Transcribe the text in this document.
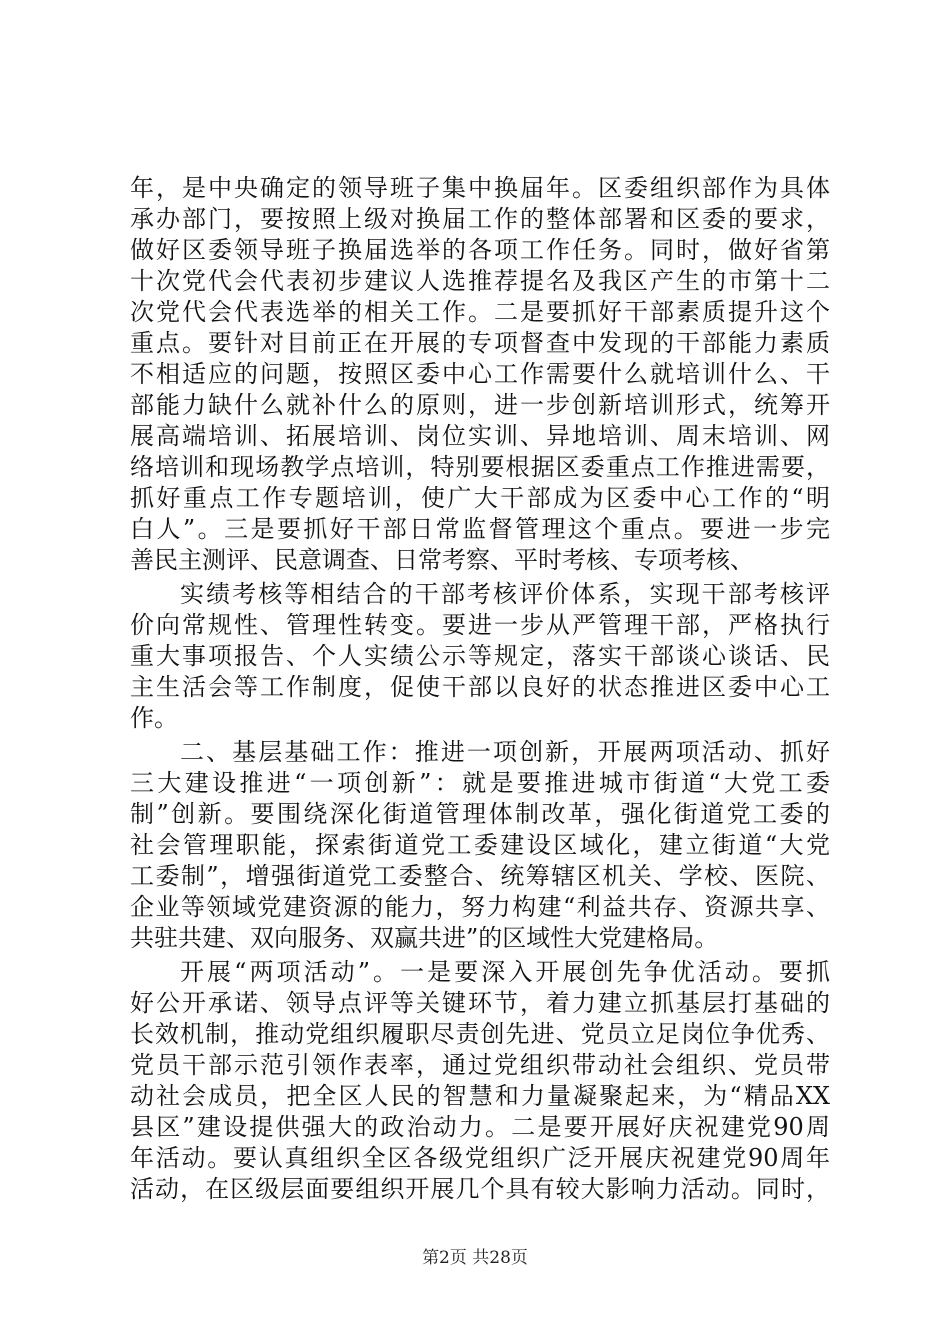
年，是中央确定的领导班子集中换届年。区委组织部作为具体
承办部门，要按照上级对换届工作的整体部署和区委的要求，
做好区委领导班子换届选举的各项工作任务。同时，做好省第
十次党代会代表初步建议人选推荐提名及我区产生的市第十二
次党代会代表选举的相关工作。二是要抓好干部素质提升这个
重点。要针对目前正在开展的专项督查中发现的干部能力素质
不相适应的问题，按照区委中心工作需要什么就培训什么、干
部能力缺什么就补什么的原则，进一步创新培训形式，统筹开
展高端培训、拓展培训、岗位实训、异地培训、周末培训、网
络培训和现场教学点培训，特别要根据区委重点工作推进需要，
抓好重点工作专题培训，使广大干部成为区委中心工作的“明
白人”。三是要抓好干部日常监督管理这个重点。要进一步完
善民主测评、民意调查、日常考察、平时考核、专项考核、
实绩考核等相结合的干部考核评价体系，实现干部考核评
价向常规性、管理性转变。要进一步从严管理干部，严格执行
重大事项报告、个人实绩公示等规定，落实干部谈心谈话、民
主生活会等工作制度，促使干部以良好的状态推进区委中心工
作。
二、基层基础工作：推进一项创新，开展两项活动、抓好
三大建设推进“一项创新”：就是要推进城市街道“大党工委
制”创新。要围绕深化街道管理体制改革，强化街道党工委的
社会管理职能，探索街道党工委建设区域化，建立街道“大党
工委制”，增强街道党工委整合、统筹辖区机关、学校、医院、
企业等领域党建资源的能力，努力构建“利益共存、资源共享、
共驻共建、双向服务、双赢共进”的区域性大党建格局。
开展“两项活动”。一是要深入开展创先争优活动。要抓
好公开承诺、领导点评等关键环节，着力建立抓基层打基础的
长效机制，推动党组织履职尽责创先进、党员立足岗位争优秀、
党员干部示范引领作表率，通过党组织带动社会组织、党员带
动社会成员，把全区人民的智慧和力量凝聚起来，为“精品XX
县区”建设提供强大的政治动力。二是要开展好庆祝建党90周
年活动。要认真组织全区各级党组织广泛开展庆祝建党90周年
活动，在区级层面要组织开展几个具有较大影响力活动。同时，
第2页 共28页
